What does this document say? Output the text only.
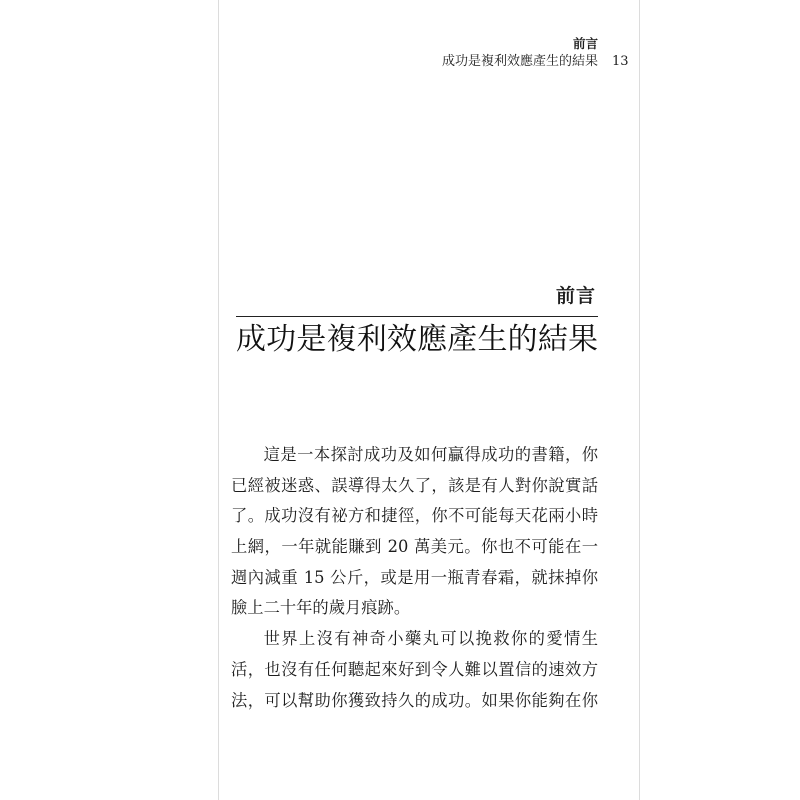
前言
成功是複利效應產生的結果 13
前言
成功是複利效應產生的結果
這是一本探討成功及如何贏得成功的書籍，你
已經被迷惑、誤導得太久了，該是有人對你說實話
了。成功沒有祕方和捷徑，你不可能每天花兩小時
上網，一年就能賺到 20 萬美元。你也不可能在一
週內減重 15 公斤，或是用一瓶青春霜，就抹掉你
臉上二十年的歲月痕跡。
世界上沒有神奇小藥丸可以挽救你的愛情生
活，也沒有任何聽起來好到令人難以置信的速效方
法，可以幫助你獲致持久的成功。如果你能夠在你
